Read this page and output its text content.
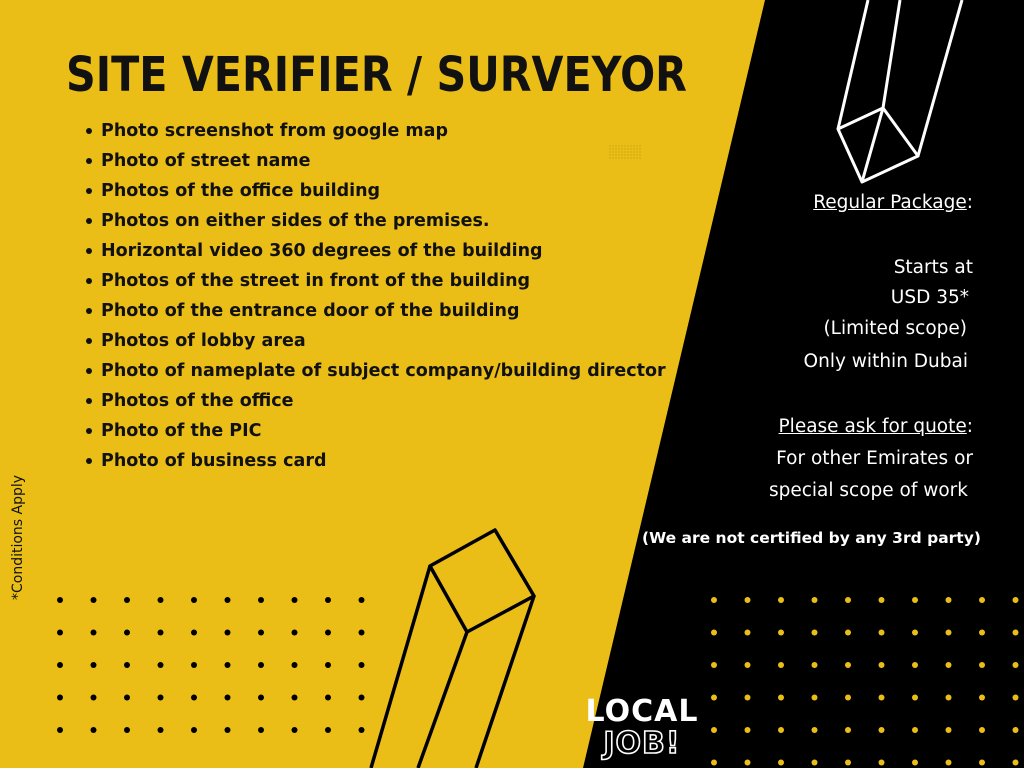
SITE VERIFIER / SURVEYOR
Photo screenshot from google map
Photo of street name
Photos of the office building
Photos on either sides of the premises.
Horizontal video 360 degrees of the building
Photos of the street in front of the building
Photo of the entrance door of the building
Photos of lobby area
Photo of nameplate of subject company/building director
Photos of the office
Photo of the PIC
Photo of business card

*Conditions Apply

Regular Package:
Starts at
USD 35*
(Limited scope)
Only within Dubai
Please ask for quote:
For other Emirates or
special scope of work
(We are not certified by any 3rd party)
LOCAL
JOB!
